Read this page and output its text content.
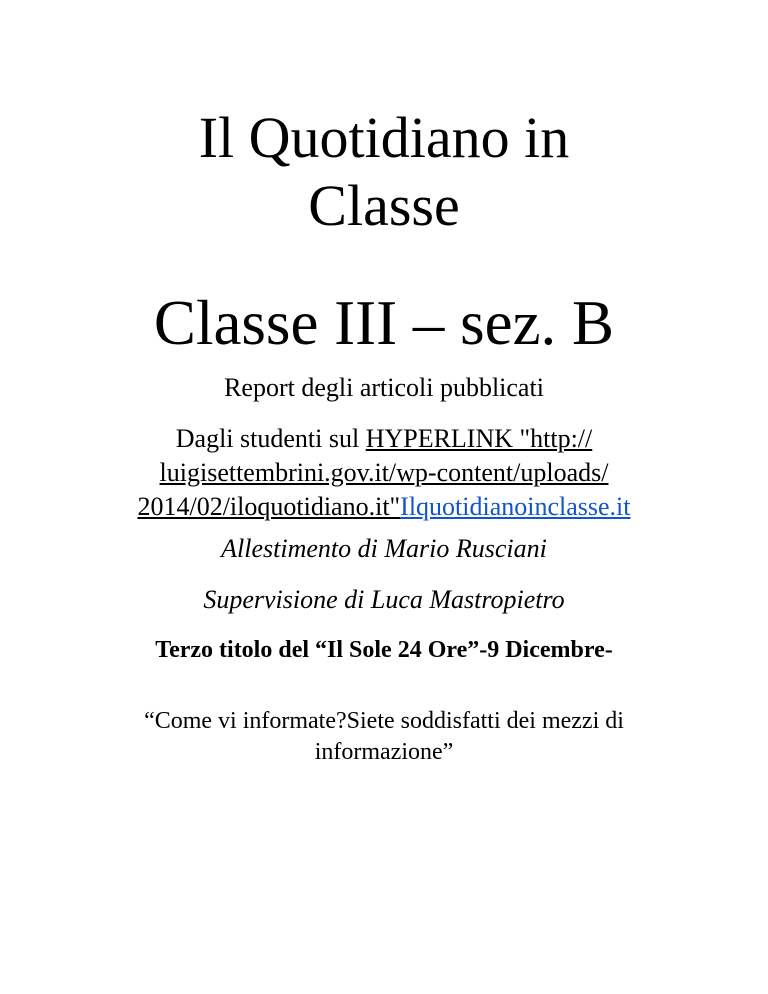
Il Quotidiano in
Classe
Classe III – sez. B
Report degli articoli pubblicati
Dagli studenti sul HYPERLINK "http://
luigisettembrini.gov.it/wp-content/uploads/
2014/02/iloquotidiano.it"Ilquotidianoinclasse.it
Allestimento di Mario Rusciani
Supervisione di Luca Mastropietro
Terzo titolo del “Il Sole 24 Ore”-9 Dicembre-
“Come vi informate?Siete soddisfatti dei mezzi di
informazione”
